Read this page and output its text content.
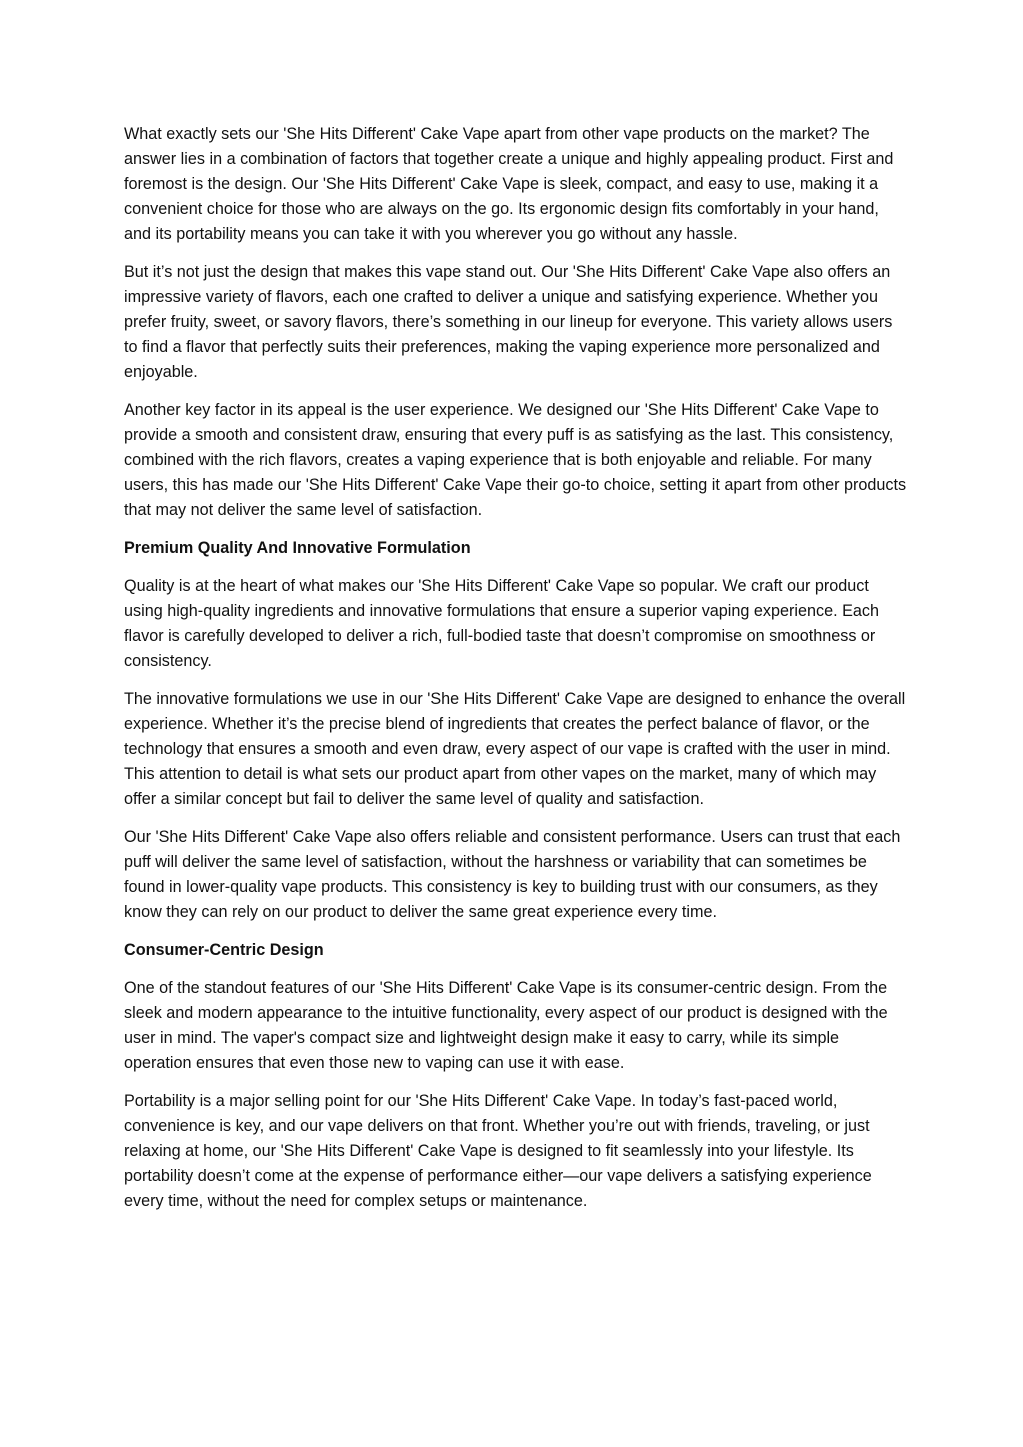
What exactly sets our 'She Hits Different' Cake Vape apart from other vape products on the market? The answer lies in a combination of factors that together create a unique and highly appealing product. First and foremost is the design. Our 'She Hits Different' Cake Vape is sleek, compact, and easy to use, making it a convenient choice for those who are always on the go. Its ergonomic design fits comfortably in your hand, and its portability means you can take it with you wherever you go without any hassle.

But it’s not just the design that makes this vape stand out. Our 'She Hits Different' Cake Vape also offers an impressive variety of flavors, each one crafted to deliver a unique and satisfying experience. Whether you prefer fruity, sweet, or savory flavors, there’s something in our lineup for everyone. This variety allows users to find a flavor that perfectly suits their preferences, making the vaping experience more personalized and enjoyable.

Another key factor in its appeal is the user experience. We designed our 'She Hits Different' Cake Vape to provide a smooth and consistent draw, ensuring that every puff is as satisfying as the last. This consistency, combined with the rich flavors, creates a vaping experience that is both enjoyable and reliable. For many users, this has made our 'She Hits Different' Cake Vape their go-to choice, setting it apart from other products that may not deliver the same level of satisfaction.

Premium Quality And Innovative Formulation

Quality is at the heart of what makes our 'She Hits Different' Cake Vape so popular. We craft our product using high-quality ingredients and innovative formulations that ensure a superior vaping experience. Each flavor is carefully developed to deliver a rich, full-bodied taste that doesn’t compromise on smoothness or consistency.

The innovative formulations we use in our 'She Hits Different' Cake Vape are designed to enhance the overall experience. Whether it’s the precise blend of ingredients that creates the perfect balance of flavor, or the technology that ensures a smooth and even draw, every aspect of our vape is crafted with the user in mind. This attention to detail is what sets our product apart from other vapes on the market, many of which may offer a similar concept but fail to deliver the same level of quality and satisfaction.

Our 'She Hits Different' Cake Vape also offers reliable and consistent performance. Users can trust that each puff will deliver the same level of satisfaction, without the harshness or variability that can sometimes be found in lower-quality vape products. This consistency is key to building trust with our consumers, as they know they can rely on our product to deliver the same great experience every time.

Consumer-Centric Design

One of the standout features of our 'She Hits Different' Cake Vape is its consumer-centric design. From the sleek and modern appearance to the intuitive functionality, every aspect of our product is designed with the user in mind. The vaper's compact size and lightweight design make it easy to carry, while its simple operation ensures that even those new to vaping can use it with ease.

Portability is a major selling point for our 'She Hits Different' Cake Vape. In today’s fast-paced world, convenience is key, and our vape delivers on that front. Whether you’re out with friends, traveling, or just relaxing at home, our 'She Hits Different' Cake Vape is designed to fit seamlessly into your lifestyle. Its portability doesn’t come at the expense of performance either—our vape delivers a satisfying experience every time, without the need for complex setups or maintenance.
